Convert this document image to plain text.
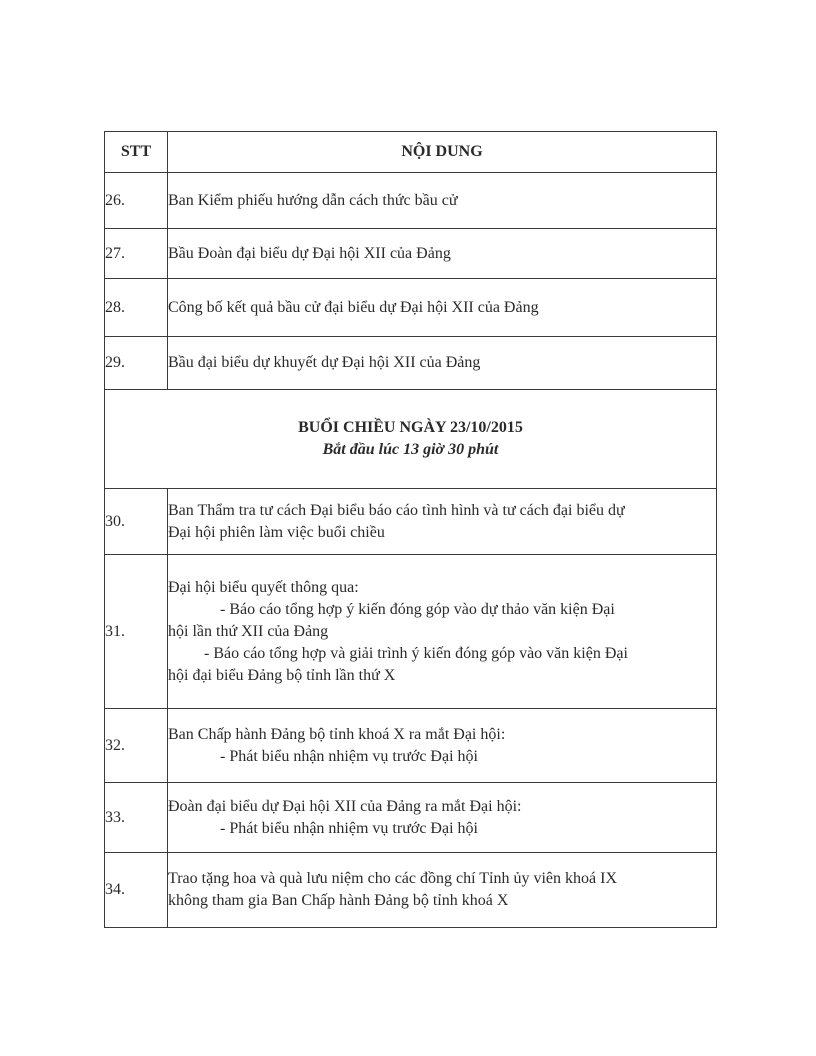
STT	NỘI DUNG
26.	Ban Kiểm phiếu hướng dẫn cách thức bầu cử
27.	Bầu Đoàn đại biểu dự Đại hội XII của Đảng
28.	Công bố kết quả bầu cử đại biểu dự Đại hội XII của Đảng
29.	Bầu đại biểu dự khuyết dự Đại hội XII của Đảng

BUỔI CHIỀU NGÀY 23/10/2015
Bắt đầu lúc 13 giờ 30 phút	

30.	Ban Thẩm tra tư cách Đại biểu báo cáo tình hình và tư cách đại biểu dự
Đại hội phiên làm việc buổi chiều

31.	Đại hội biểu quyết thông qua:
- Báo cáo tổng hợp ý kiến đóng góp vào dự thảo văn kiện Đại
hội lần thứ XII của Đảng
- Báo cáo tổng hợp và giải trình ý kiến đóng góp vào văn kiện Đại
hội đại biểu Đảng bộ tỉnh lần thứ X

32.	Ban Chấp hành Đảng bộ tỉnh khoá X ra mắt Đại hội:
- Phát biểu nhận nhiệm vụ trước Đại hội

33.	Đoàn đại biểu dự Đại hội XII của Đảng ra mắt Đại hội:
- Phát biểu nhận nhiệm vụ trước Đại hội

34.	Trao tặng hoa và quà lưu niệm cho các đồng chí Tỉnh ủy viên khoá IX
không tham gia Ban Chấp hành Đảng bộ tỉnh khoá X
